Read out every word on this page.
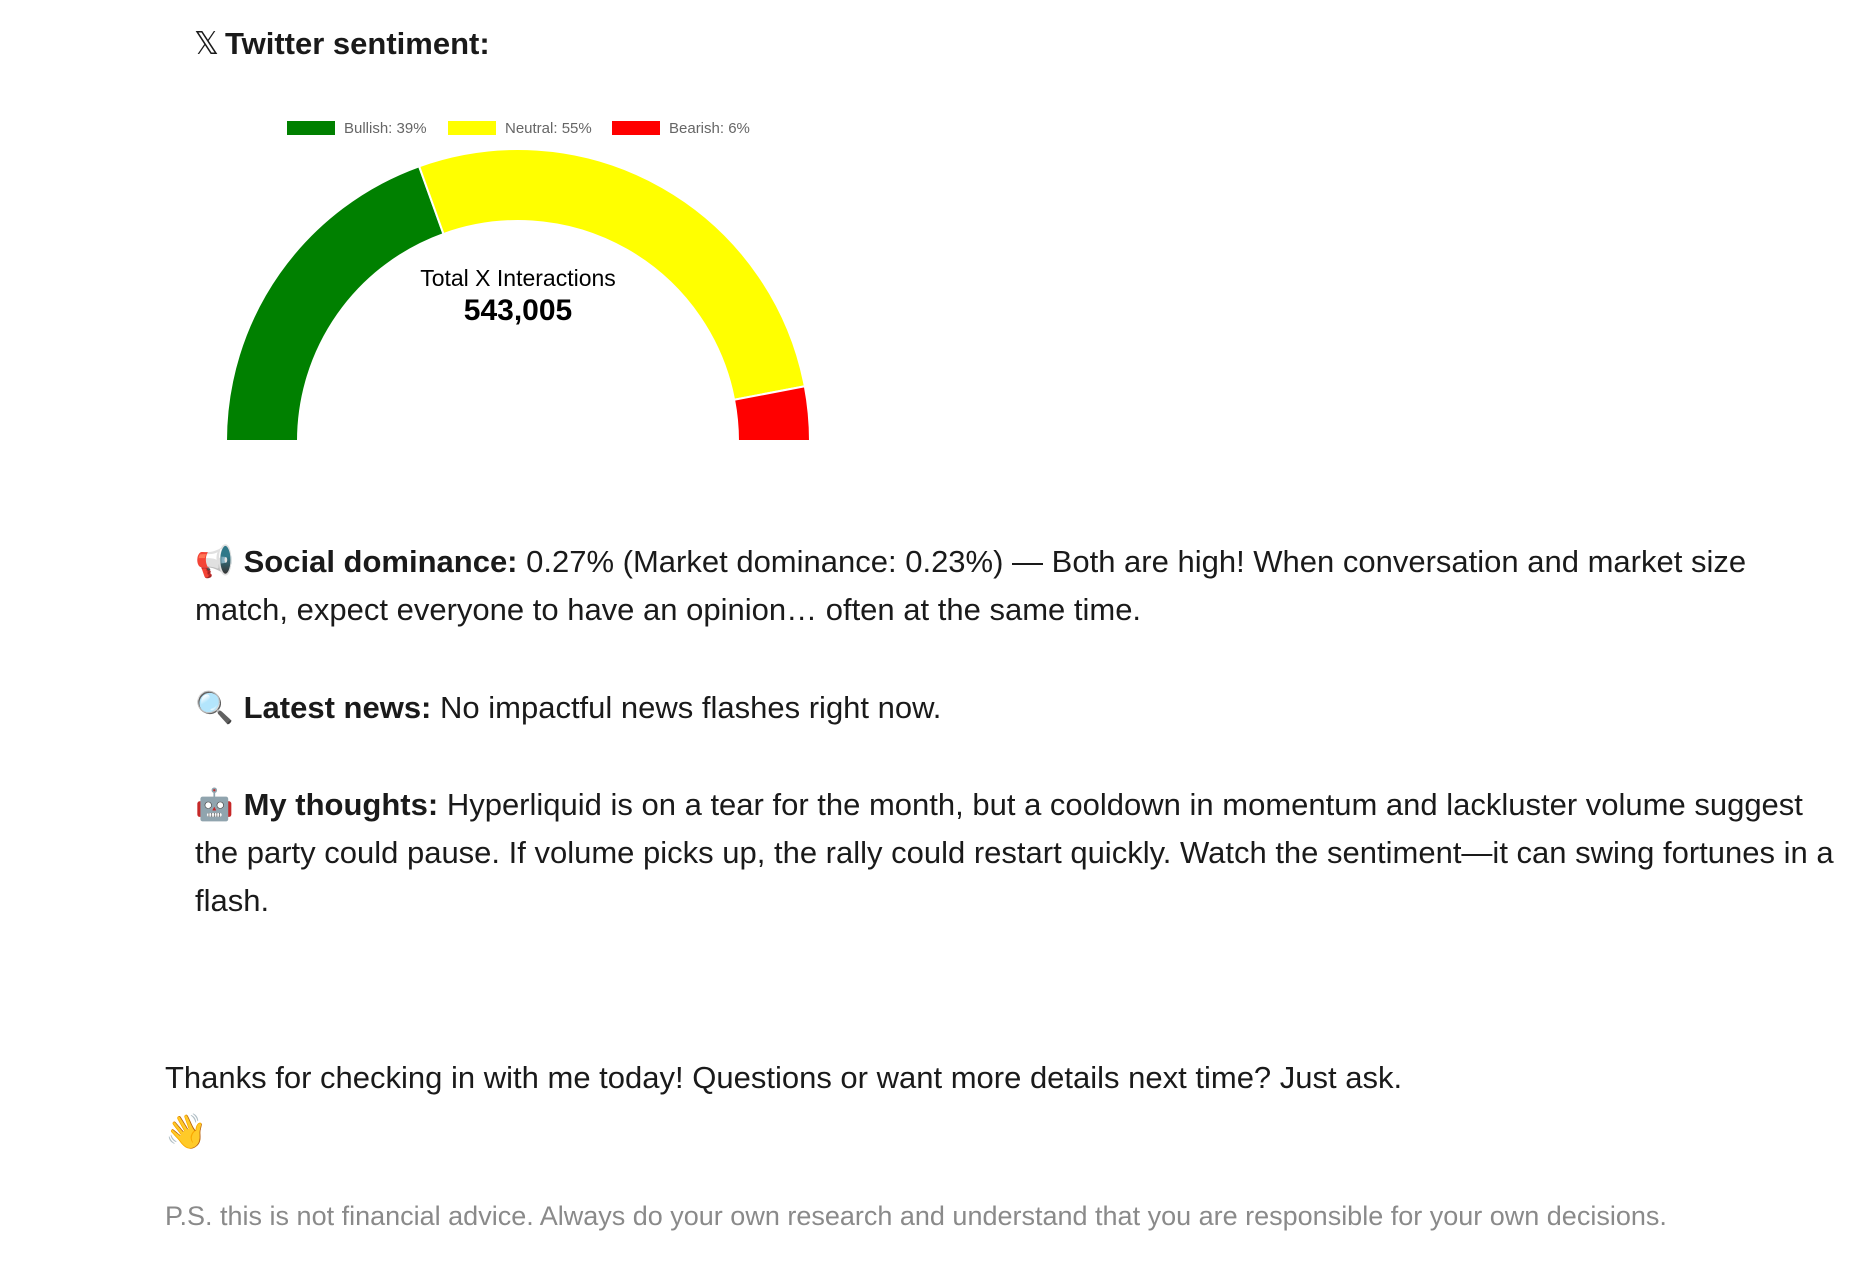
𝕏 Twitter sentiment:
Bullish: 39%	Neutral: 55%	Bearish: 6%
Total X Interactions
543,005
📢 Social dominance: 0.27% (Market dominance: 0.23%) — Both are high! When conversation and market size match, expect everyone to have an opinion… often at the same time.
🔍 Latest news: No impactful news flashes right now.
🤖 My thoughts: Hyperliquid is on a tear for the month, but a cooldown in momentum and lackluster volume suggest the party could pause. If volume picks up, the rally could restart quickly. Watch the sentiment—it can swing fortunes in a flash.
Thanks for checking in with me today! Questions or want more details next time? Just ask.
👋
P.S. this is not financial advice. Always do your own research and understand that you are responsible for your own decisions.
